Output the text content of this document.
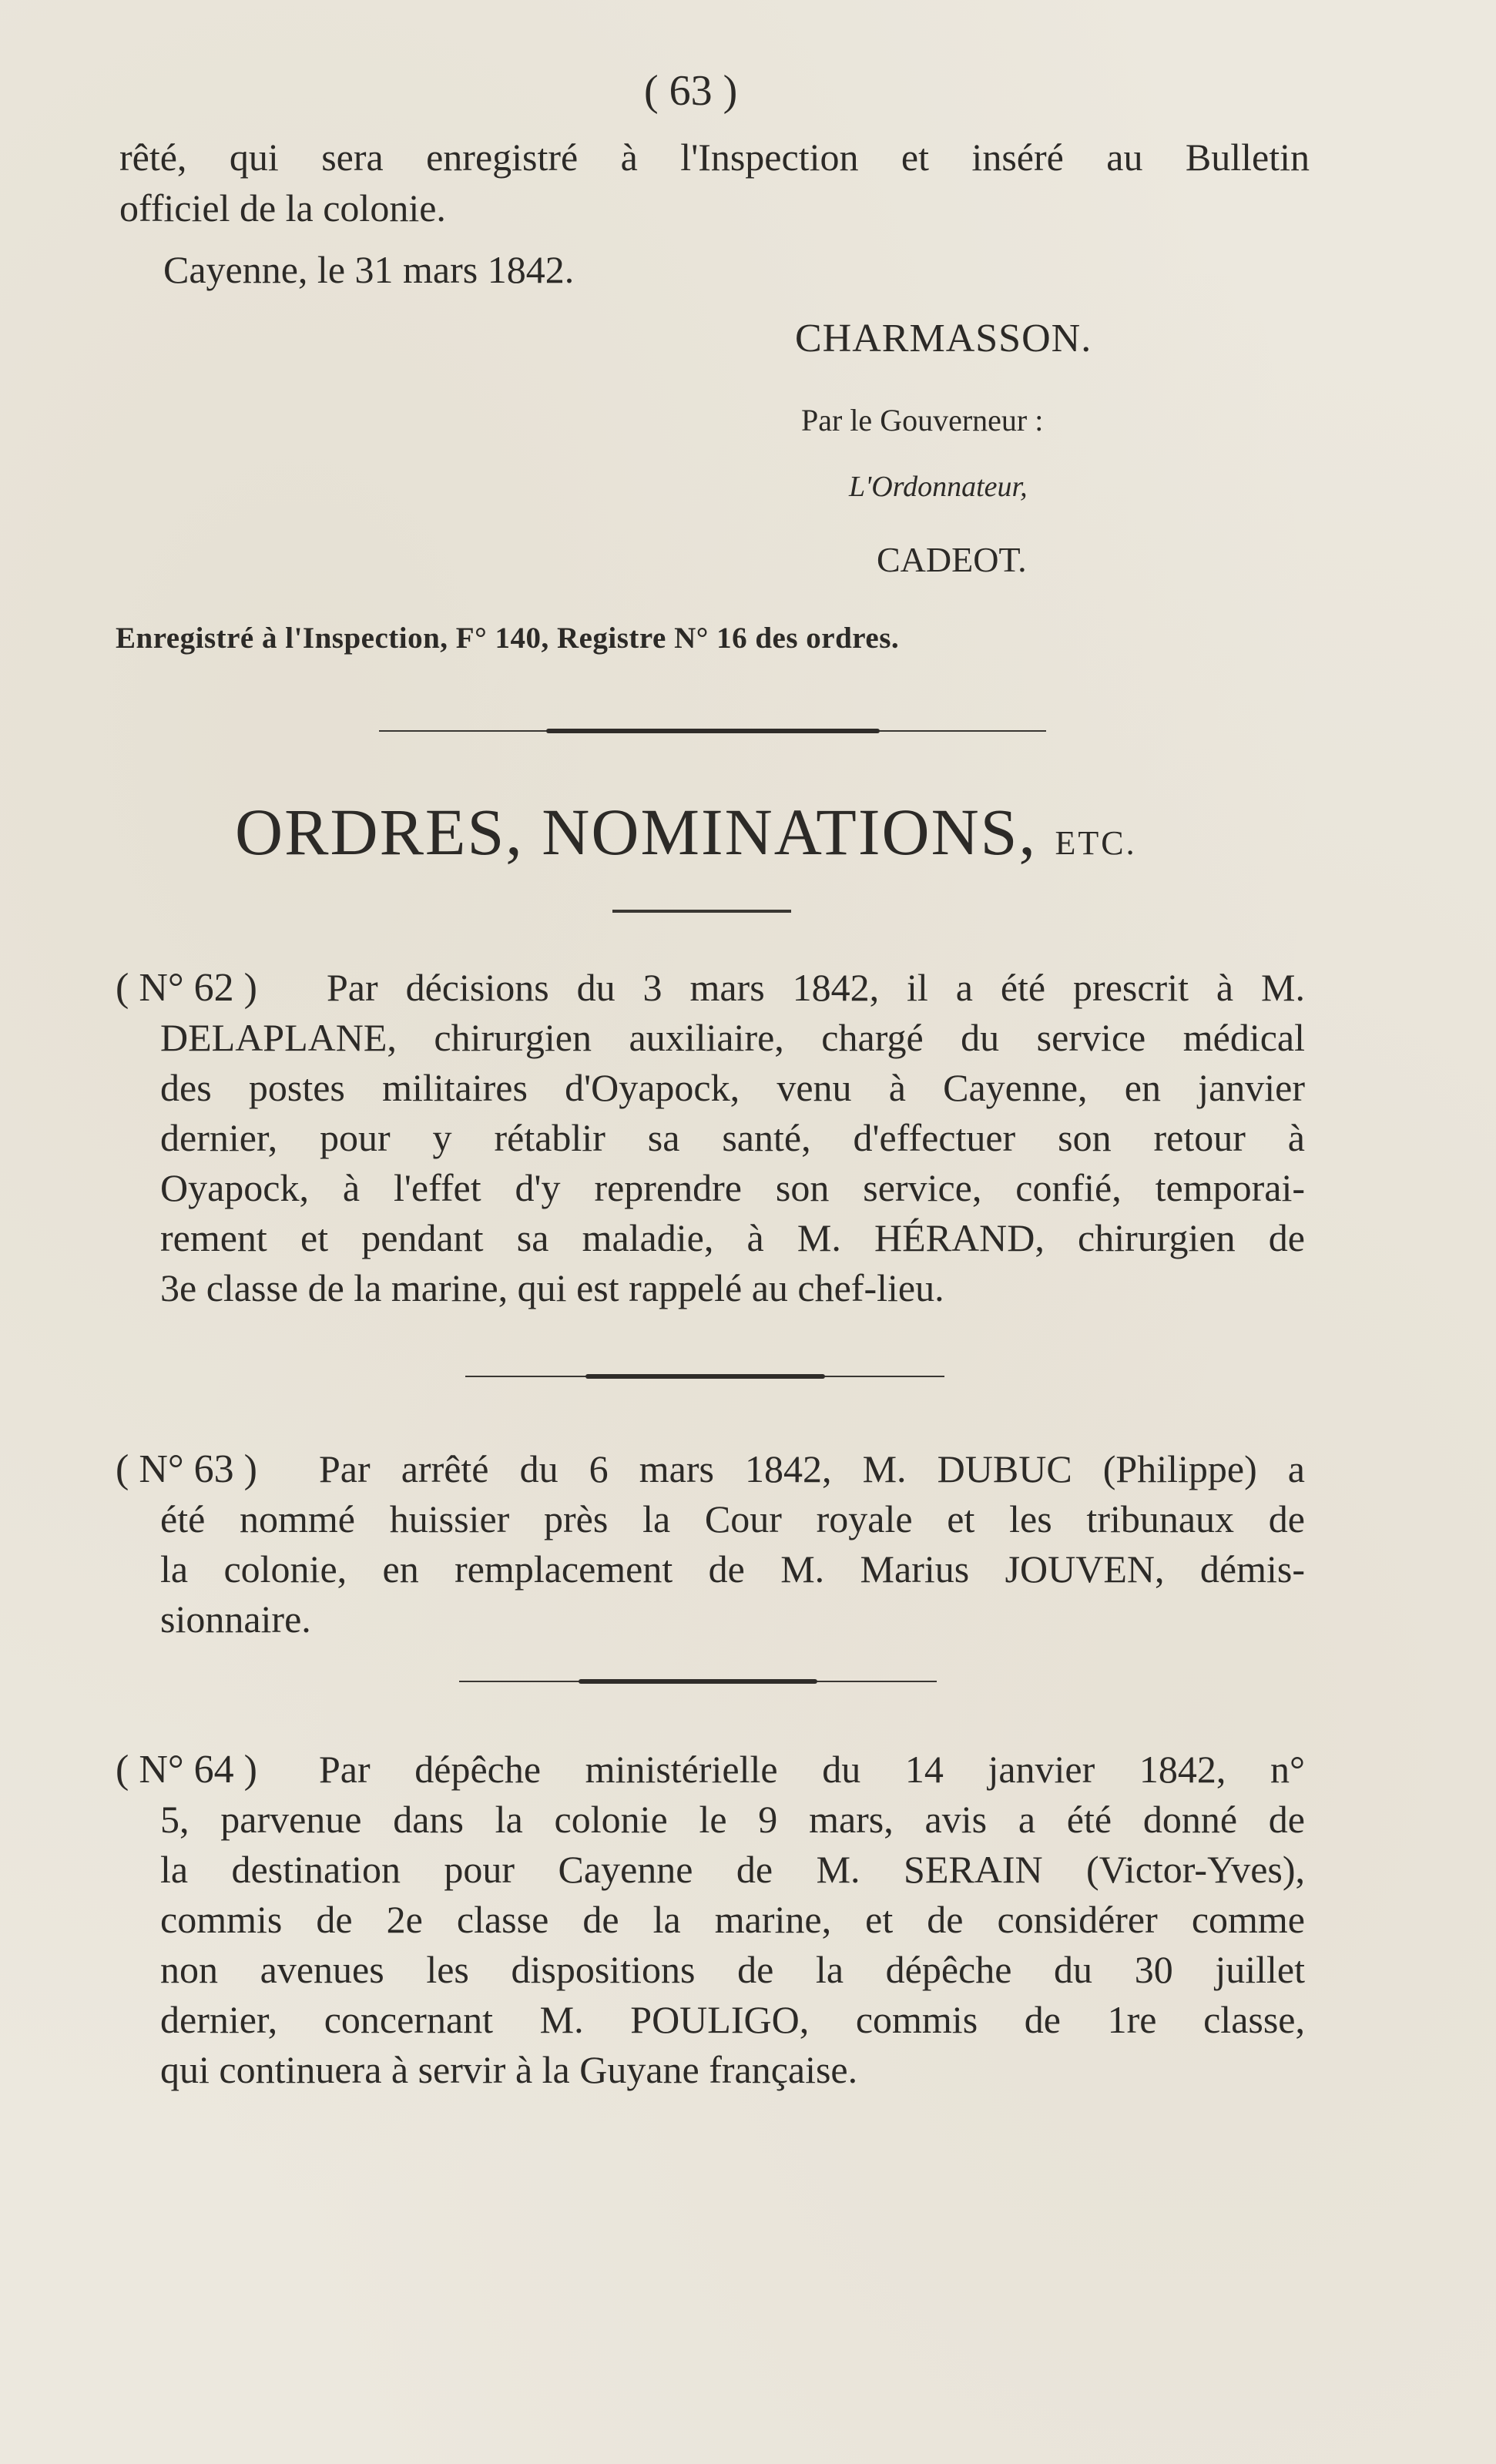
( 63 )
rêté, qui sera enregistré à l'Inspection et inséré au Bulletin
officiel de la colonie.
Cayenne, le 31 mars 1842.
CHARMASSON.
Par le Gouverneur :
L'Ordonnateur,
CADEOT.
Enregistré à l'Inspection, F° 140, Registre N° 16 des ordres.
ORDRES, NOMINATIONS, ETC.
( N° 62 ) Par décisions du 3 mars 1842, il a été prescrit à M.
DELAPLANE, chirurgien auxiliaire, chargé du service médical
des postes militaires d'Oyapock, venu à Cayenne, en janvier
dernier, pour y rétablir sa santé, d'effectuer son retour à
Oyapock, à l'effet d'y reprendre son service, confié, temporai-
rement et pendant sa maladie, à M. HÉRAND, chirurgien de
3e classe de la marine, qui est rappelé au chef-lieu.
( N° 63 ) Par arrêté du 6 mars 1842, M. DUBUC (Philippe) a
été nommé huissier près la Cour royale et les tribunaux de
la colonie, en remplacement de M. Marius JOUVEN, démis-
sionnaire.
( N° 64 ) Par dépêche ministérielle du 14 janvier 1842, n°
5, parvenue dans la colonie le 9 mars, avis a été donné de
la destination pour Cayenne de M. SERAIN (Victor-Yves),
commis de 2e classe de la marine, et de considérer comme
non avenues les dispositions de la dépêche du 30 juillet
dernier, concernant M. POULIGO, commis de 1re classe,
qui continuera à servir à la Guyane française.
